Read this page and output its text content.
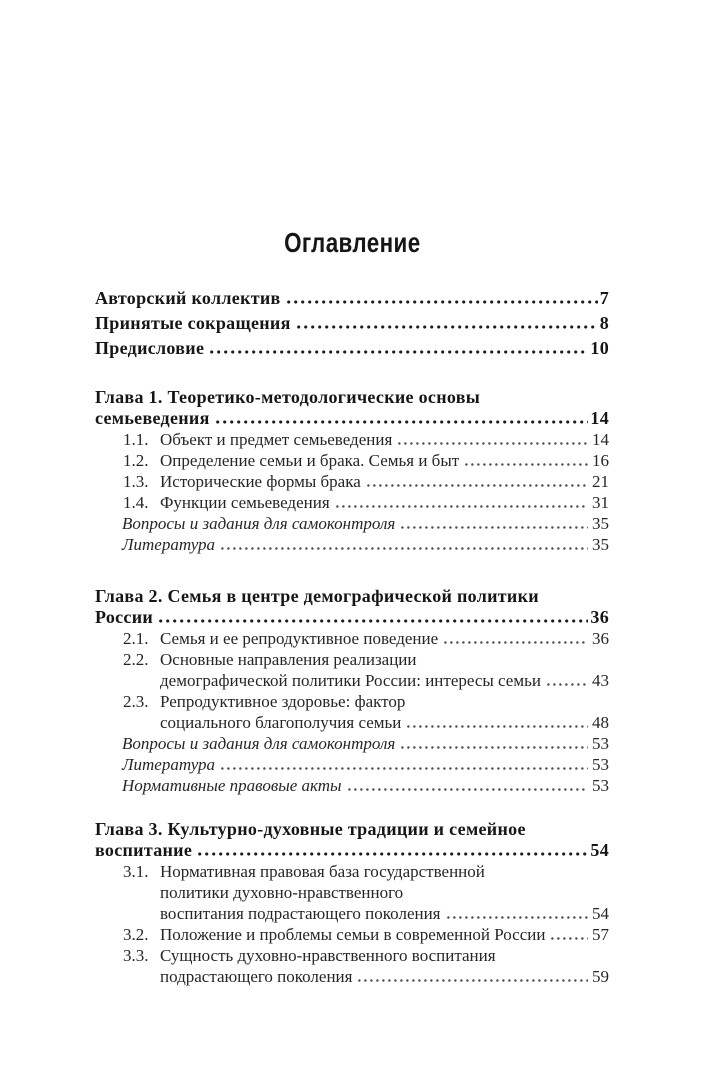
Оглавление
Авторский коллектив	7
Принятые сокращения	8
Предисловие	10
Глава 1. Теоретико-методологические основы
семьеведения	14
1.1. Объект и предмет семьеведения	14
1.2. Определение семьи и брака. Семья и быт	16
1.3. Исторические формы брака	21
1.4. Функции семьеведения	31
Вопросы и задания для самоконтроля	35
Литература	35
Глава 2. Семья в центре демографической политики
России	36
2.1. Семья и ее репродуктивное поведение	36
2.2. Основные направления реализации
демографической политики России: интересы семьи	43
2.3. Репродуктивное здоровье: фактор
социального благополучия семьи	48
Вопросы и задания для самоконтроля	53
Литература	53
Нормативные правовые акты	53
Глава 3. Культурно-духовные традиции и семейное
воспитание	54
3.1. Нормативная правовая база государственной
политики духовно-нравственного
воспитания подрастающего поколения	54
3.2. Положение и проблемы семьи в современной России	57
3.3. Сущность духовно-нравственного воспитания
подрастающего поколения	59
